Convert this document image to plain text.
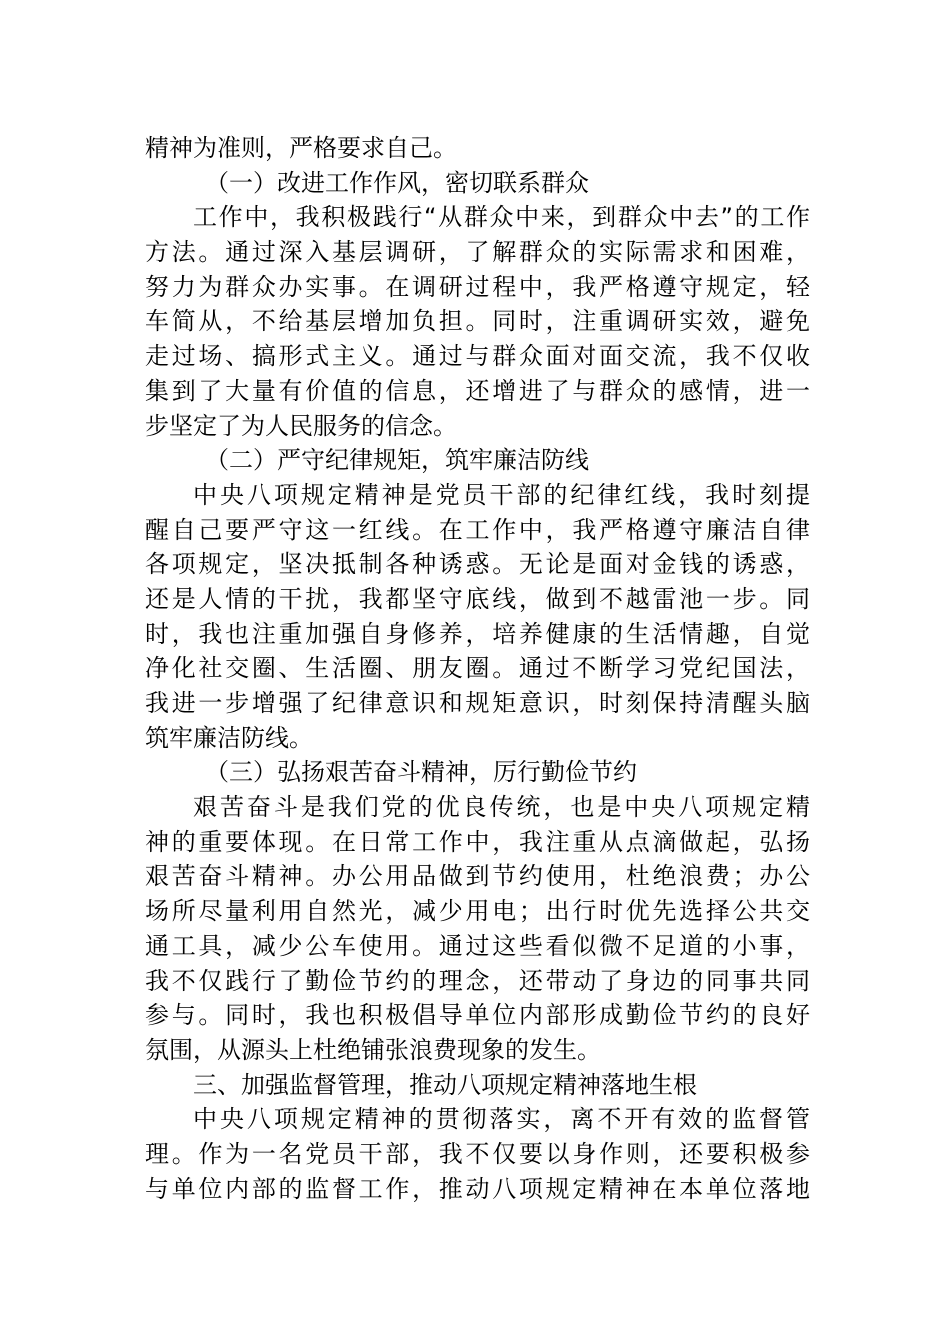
精神为准则，严格要求自己。
（一）改进工作作风，密切联系群众
工作中，我积极践行“从群众中来，到群众中去”的工作
方法。通过深入基层调研，了解群众的实际需求和困难，
努力为群众办实事。在调研过程中，我严格遵守规定，轻
车简从，不给基层增加负担。同时，注重调研实效，避免
走过场、搞形式主义。通过与群众面对面交流，我不仅收
集到了大量有价值的信息，还增进了与群众的感情，进一
步坚定了为人民服务的信念。
（二）严守纪律规矩，筑牢廉洁防线
中央八项规定精神是党员干部的纪律红线，我时刻提
醒自己要严守这一红线。在工作中，我严格遵守廉洁自律
各项规定，坚决抵制各种诱惑。无论是面对金钱的诱惑，
还是人情的干扰，我都坚守底线，做到不越雷池一步。同
时，我也注重加强自身修养，培养健康的生活情趣，自觉
净化社交圈、生活圈、朋友圈。通过不断学习党纪国法，
我进一步增强了纪律意识和规矩意识，时刻保持清醒头脑
筑牢廉洁防线。
（三）弘扬艰苦奋斗精神，厉行勤俭节约
艰苦奋斗是我们党的优良传统，也是中央八项规定精
神的重要体现。在日常工作中，我注重从点滴做起，弘扬
艰苦奋斗精神。办公用品做到节约使用，杜绝浪费；办公
场所尽量利用自然光，减少用电；出行时优先选择公共交
通工具，减少公车使用。通过这些看似微不足道的小事，
我不仅践行了勤俭节约的理念，还带动了身边的同事共同
参与。同时，我也积极倡导单位内部形成勤俭节约的良好
氛围，从源头上杜绝铺张浪费现象的发生。
三、加强监督管理，推动八项规定精神落地生根
中央八项规定精神的贯彻落实，离不开有效的监督管
理。作为一名党员干部，我不仅要以身作则，还要积极参
与单位内部的监督工作，推动八项规定精神在本单位落地
